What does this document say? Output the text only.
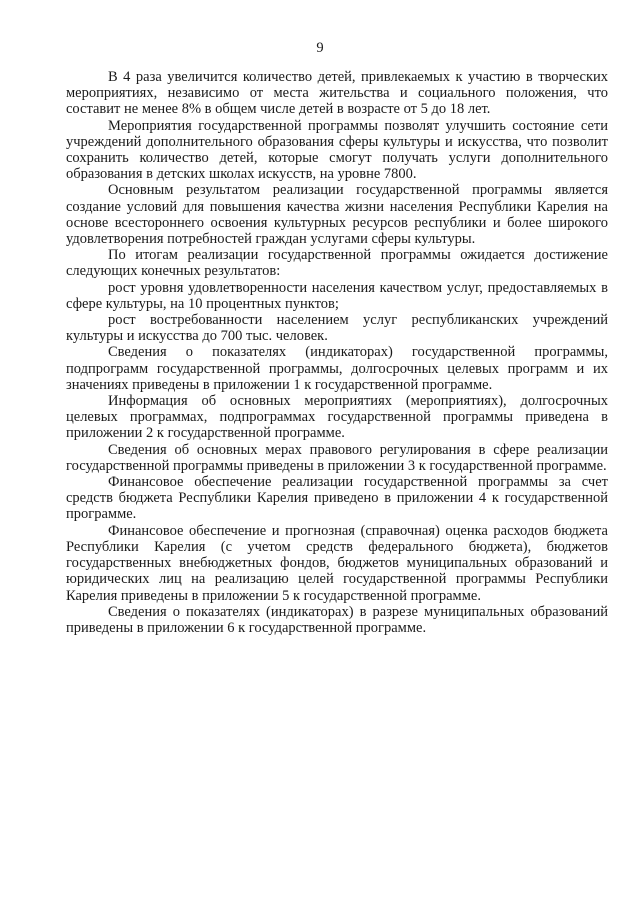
9

В 4 раза увеличится количество детей, привлекаемых к участию в творческих мероприятиях, независимо от места жительства и социального положения, что составит не менее 8% в общем числе детей в возрасте от 5 до 18 лет.

Мероприятия государственной программы позволят улучшить состояние сети учреждений дополнительного образования сферы культуры и искусства, что позволит сохранить количество детей, которые смогут получать услуги дополнительного образования в детских школах искусств, на уровне 7800.

Основным результатом реализации государственной программы является создание условий для повышения качества жизни населения Республики Карелия на основе всестороннего освоения культурных ресурсов республики и более широкого удовлетворения потребностей граждан услугами сферы культуры.

По итогам реализации государственной программы ожидается достижение следующих конечных результатов:

рост уровня удовлетворенности населения качеством услуг, предоставляемых в сфере культуры, на 10 процентных пунктов;

рост востребованности населением услуг республиканских учреждений культуры и искусства до 700 тыс. человек.

Сведения о показателях (индикаторах) государственной программы, подпрограмм государственной программы, долгосрочных целевых программ и их значениях приведены в приложении 1 к государственной программе.

Информация об основных мероприятиях (мероприятиях), долгосрочных целевых программах, подпрограммах государственной программы приведена в приложении 2 к государственной программе.

Сведения об основных мерах правового регулирования в сфере реализации государственной программы приведены в приложении 3 к государственной программе.

Финансовое обеспечение реализации государственной программы за счет средств бюджета Республики Карелия приведено в приложении 4 к государственной программе.

Финансовое обеспечение и прогнозная (справочная) оценка расходов бюджета Республики Карелия (с учетом средств федерального бюджета), бюджетов государственных внебюджетных фондов, бюджетов муниципальных образований и юридических лиц на реализацию целей государственной программы Республики Карелия приведены в приложении 5 к государственной программе.

Сведения о показателях (индикаторах) в разрезе муниципальных образований приведены в приложении 6 к государственной программе.
